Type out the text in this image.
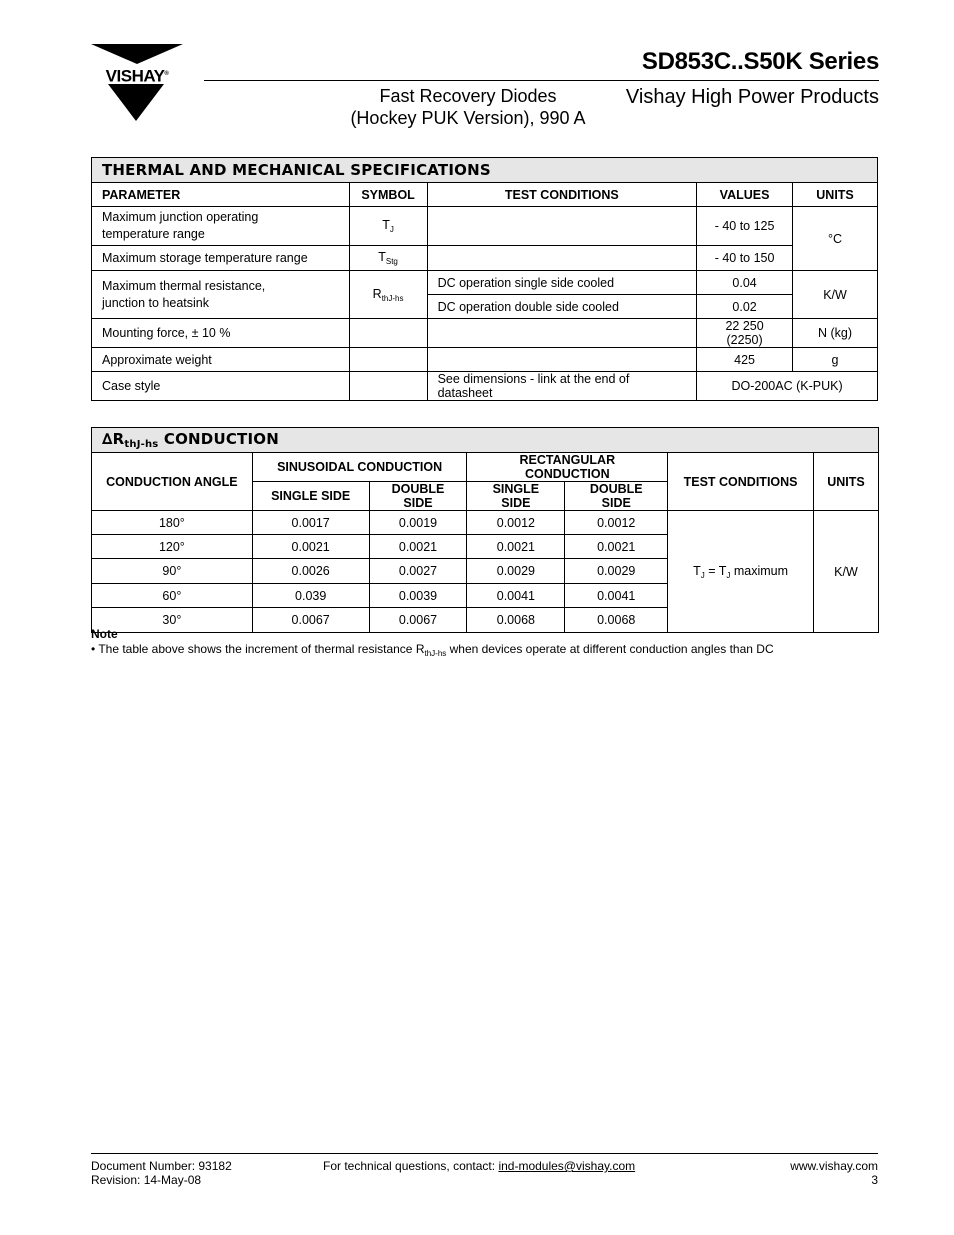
VISHAY®	SD853C..S50K Series
Fast Recovery Diodes
(Hockey PUK Version), 990 A
Vishay High Power Products
THERMAL AND MECHANICAL SPECIFICATIONS				
PARAMETER	SYMBOL	TEST CONDITIONS	VALUES	UNITS
Maximum junction operating
temperature range	$T_J$		- 40 to 125	°C
Maximum storage temperature range	$T_{Stg}$		- 40 to 150	
Maximum thermal resistance,
junction to heatsink	$R_{thJ-hs}$	DC operation single side cooled	0.04	K/W
		DC operation double side cooled	0.02	
Mounting force, ± 10 %			22 250 (2250)	N (kg)
Approximate weight			425	g
Case style		See dimensions - link at the end of datasheet	DO-200AC (K-PUK)	
$\Delta R_{thJ-hs}$ CONDUCTION						
CONDUCTION ANGLE	SINUSOIDAL CONDUCTION		RECTANGULAR CONDUCTION		TEST CONDITIONS	UNITS
	SINGLE SIDE	DOUBLE SIDE	SINGLE SIDE	DOUBLE SIDE		
180°	0.0017	0.0019	0.0012	0.0012	$T_J = T_J$ maximum	K/W
120°	0.0021	0.0021	0.0021	0.0021		
90°	0.0026	0.0027	0.0029	0.0029		
60°	0.039	0.0039	0.0041	0.0041		
30°	0.0067	0.0067	0.0068	0.0068		
Note
• The table above shows the increment of thermal resistance $R_{thJ-hs}$ when devices operate at different conduction angles than DC
Document Number: 93182
Revision: 14-May-08
For technical questions, contact: ind-modules@vishay.com	www.vishay.com
3
